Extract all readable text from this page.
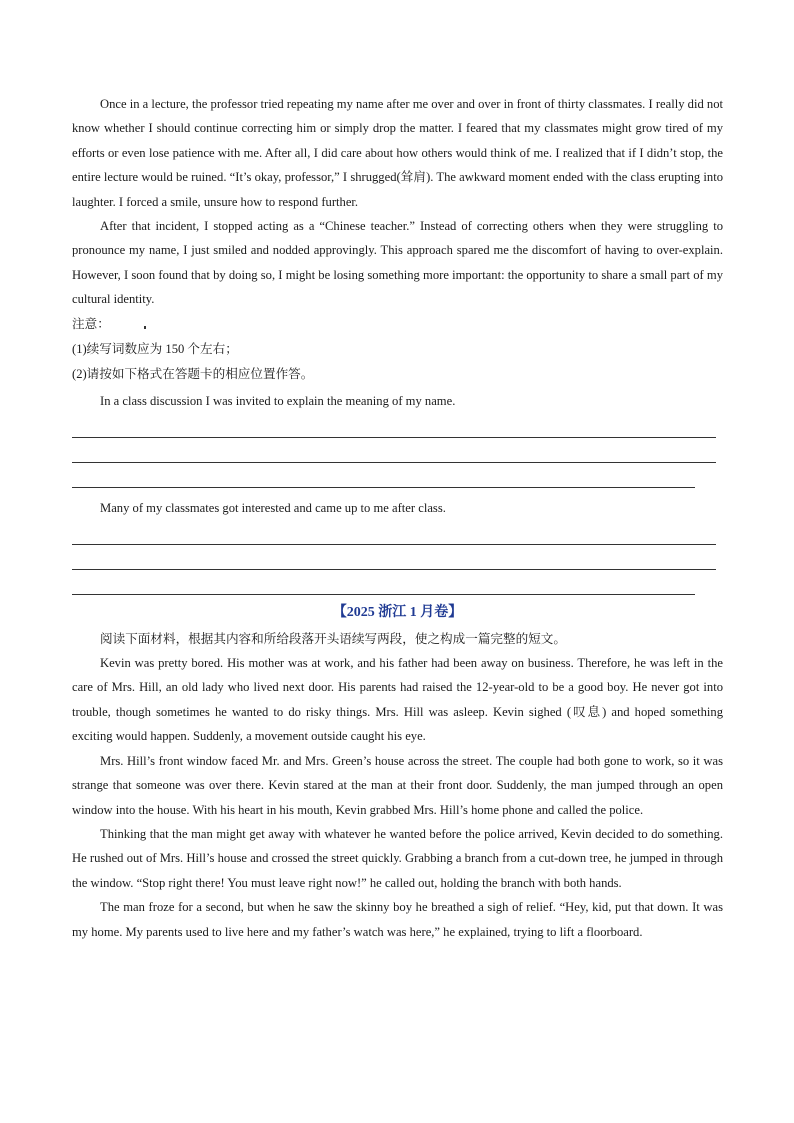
Once in a lecture, the professor tried repeating my name after me over and over in front of thirty classmates. I really did not know whether I should continue correcting him or simply drop the matter. I feared that my classmates might grow tired of my efforts or even lose patience with me. After all, I did care about how others would think of me. I realized that if I didn’t stop, the entire lecture would be ruined. “It’s okay, professor,” I shrugged(耸肩). The awkward moment ended with the class erupting into laughter. I forced a smile, unsure how to respond further.

After that incident, I stopped acting as a “Chinese teacher.” Instead of correcting others when they were struggling to pronounce my name, I just smiled and nodded approvingly. This approach spared me the discomfort of having to over-explain. However, I soon found that by doing so, I might be losing something more important: the opportunity to share a small part of my cultural identity.

注意：

(1)续写词数应为 150 个左右；

(2)请按如下格式在答题卡的相应位置作答。

In a class discussion I was invited to explain the meaning of my name.

Many of my classmates got interested and came up to me after class.

【2025 浙江 1 月卷】

阅读下面材料，根据其内容和所给段落开头语续写两段，使之构成一篇完整的短文。

Kevin was pretty bored. His mother was at work, and his father had been away on business. Therefore, he was left in the care of Mrs. Hill, an old lady who lived next door. His parents had raised the 12-year-old to be a good boy. He never got into trouble, though sometimes he wanted to do risky things. Mrs. Hill was asleep. Kevin sighed (叹息) and hoped something exciting would happen. Suddenly, a movement outside caught his eye.

Mrs. Hill’s front window faced Mr. and Mrs. Green’s house across the street. The couple had both gone to work, so it was strange that someone was over there. Kevin stared at the man at their front door. Suddenly, the man jumped through an open window into the house. With his heart in his mouth, Kevin grabbed Mrs. Hill’s home phone and called the police.

Thinking that the man might get away with whatever he wanted before the police arrived, Kevin decided to do something. He rushed out of Mrs. Hill’s house and crossed the street quickly. Grabbing a branch from a cut-down tree, he jumped in through the window. “Stop right there! You must leave right now!” he called out, holding the branch with both hands.

The man froze for a second, but when he saw the skinny boy he breathed a sigh of relief. “Hey, kid, put that down. It was my home. My parents used to live here and my father’s watch was here,” he explained, trying to lift a floorboard.
